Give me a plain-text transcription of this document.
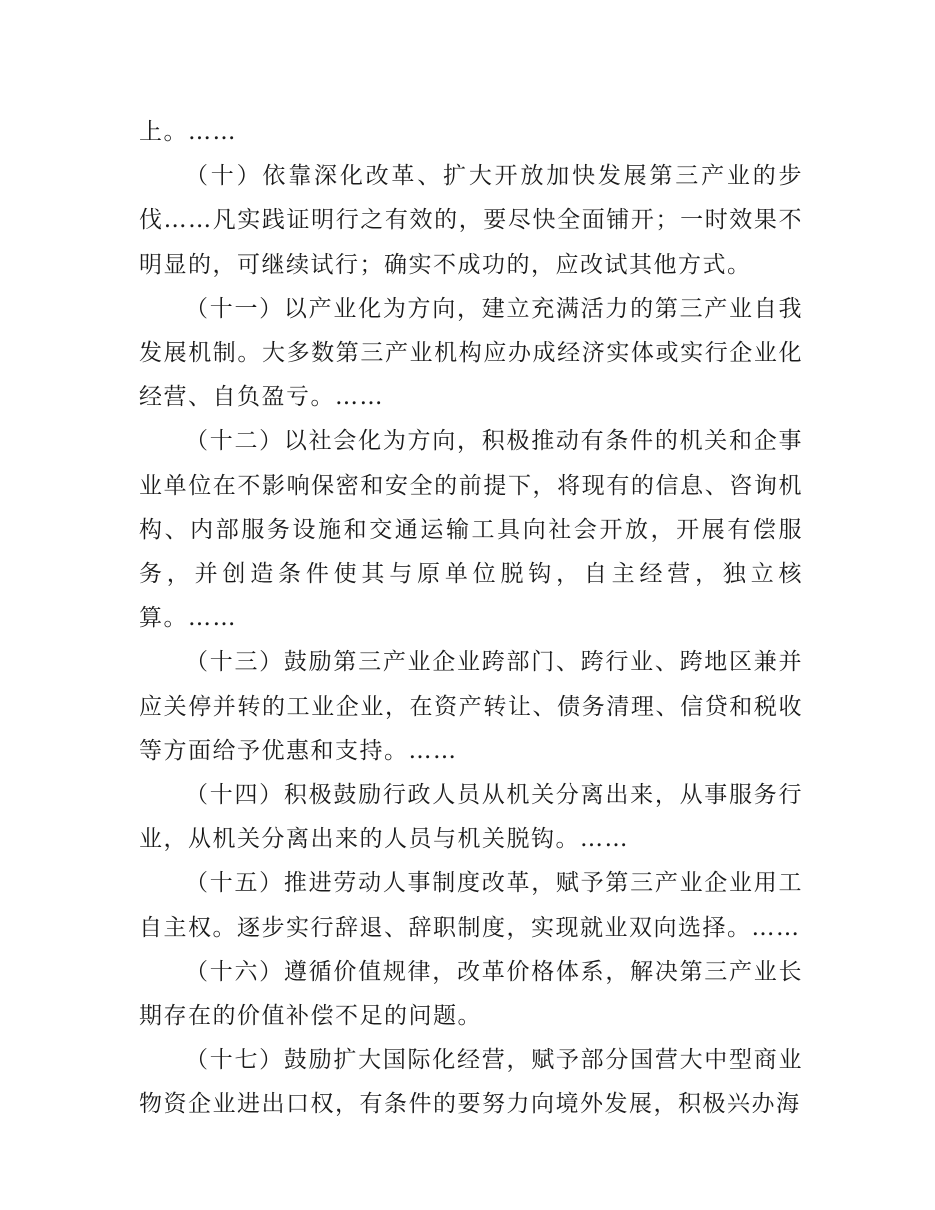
上。……

（十）依靠深化改革、扩大开放加快发展第三产业的步伐……凡实践证明行之有效的，要尽快全面铺开；一时效果不明显的，可继续试行；确实不成功的，应改试其他方式。

（十一）以产业化为方向，建立充满活力的第三产业自我发展机制。大多数第三产业机构应办成经济实体或实行企业化经营、自负盈亏。……

（十二）以社会化为方向，积极推动有条件的机关和企事业单位在不影响保密和安全的前提下，将现有的信息、咨询机构、内部服务设施和交通运输工具向社会开放，开展有偿服务，并创造条件使其与原单位脱钩，自主经营，独立核算。……

（十三）鼓励第三产业企业跨部门、跨行业、跨地区兼并应关停并转的工业企业，在资产转让、债务清理、信贷和税收等方面给予优惠和支持。……

（十四）积极鼓励行政人员从机关分离出来，从事服务行业，从机关分离出来的人员与机关脱钩。……

（十五）推进劳动人事制度改革，赋予第三产业企业用工自主权。逐步实行辞退、辞职制度，实现就业双向选择。……

（十六）遵循价值规律，改革价格体系，解决第三产业长期存在的价值补偿不足的问题。

（十七）鼓励扩大国际化经营，赋予部分国营大中型商业物资企业进出口权，有条件的要努力向境外发展，积极兴办海
